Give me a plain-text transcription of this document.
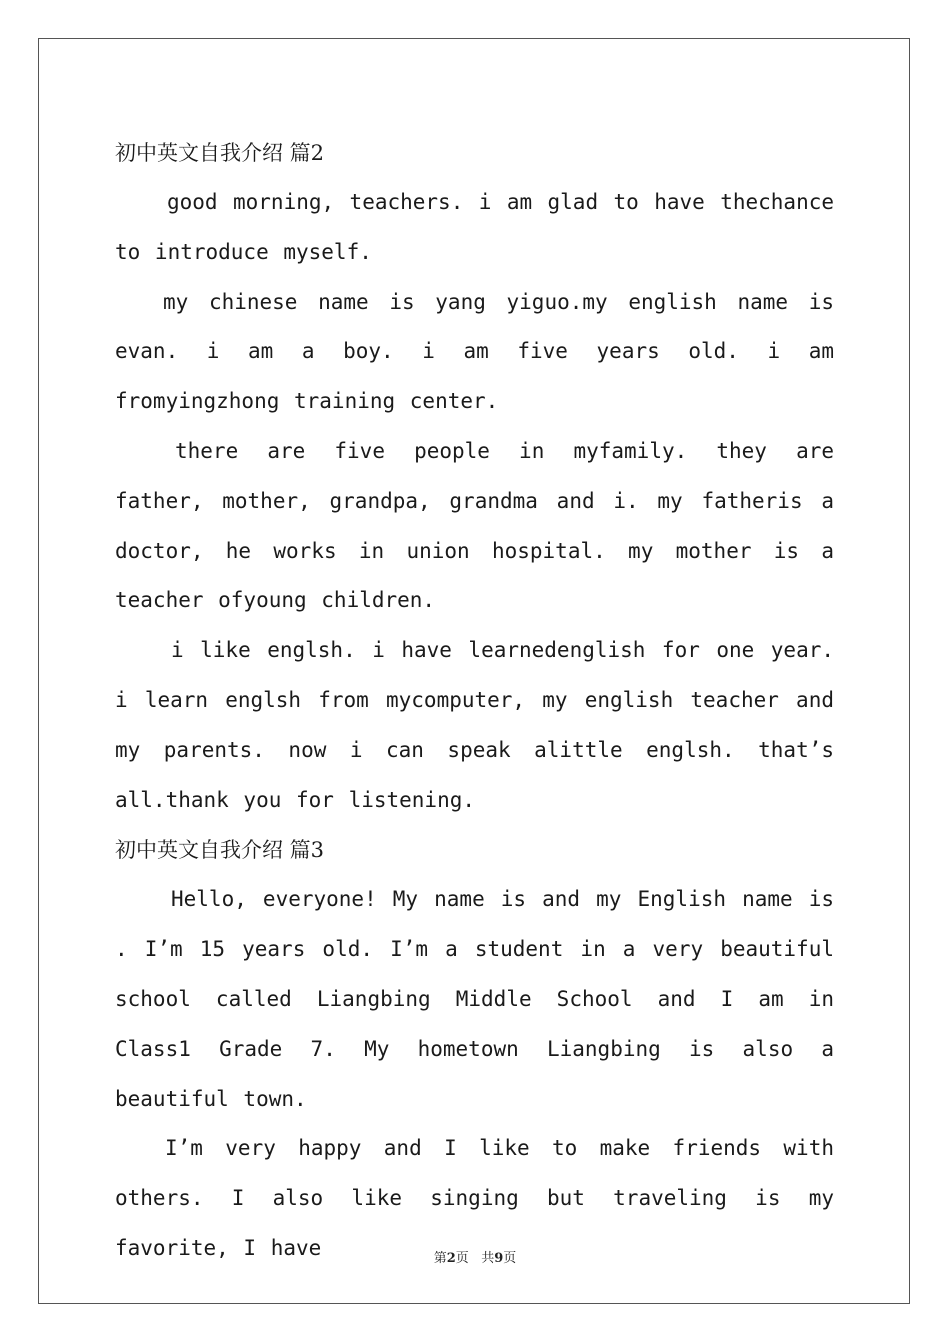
初中英文自我介绍 篇2

good morning, teachers. i am glad to have thechance to introduce myself.

my chinese name is yang yiguo.my english name is evan. i am a boy. i am five years old. i am fromyingzhong training center.

there are five people in myfamily. they are father, mother, grandpa, grandma and i. my fatheris a doctor, he works in union hospital. my mother is a teacher ofyoung children.

i like englsh. i have learnedenglish for one year. i learn englsh from mycomputer, my english teacher and my parents. now i can speak alittle englsh. that’s all.thank you for listening.

初中英文自我介绍 篇3

Hello, everyone! My name is and my English name is . I’m 15 years old. I’m a student in a very beautiful school called Liangbing Middle School and I am in Class1 Grade 7. My hometown Liangbing is also a beautiful town.

I’m very happy and I like to make friends with others. I also like singing but traveling is my favorite, I have	第2页 共9页
